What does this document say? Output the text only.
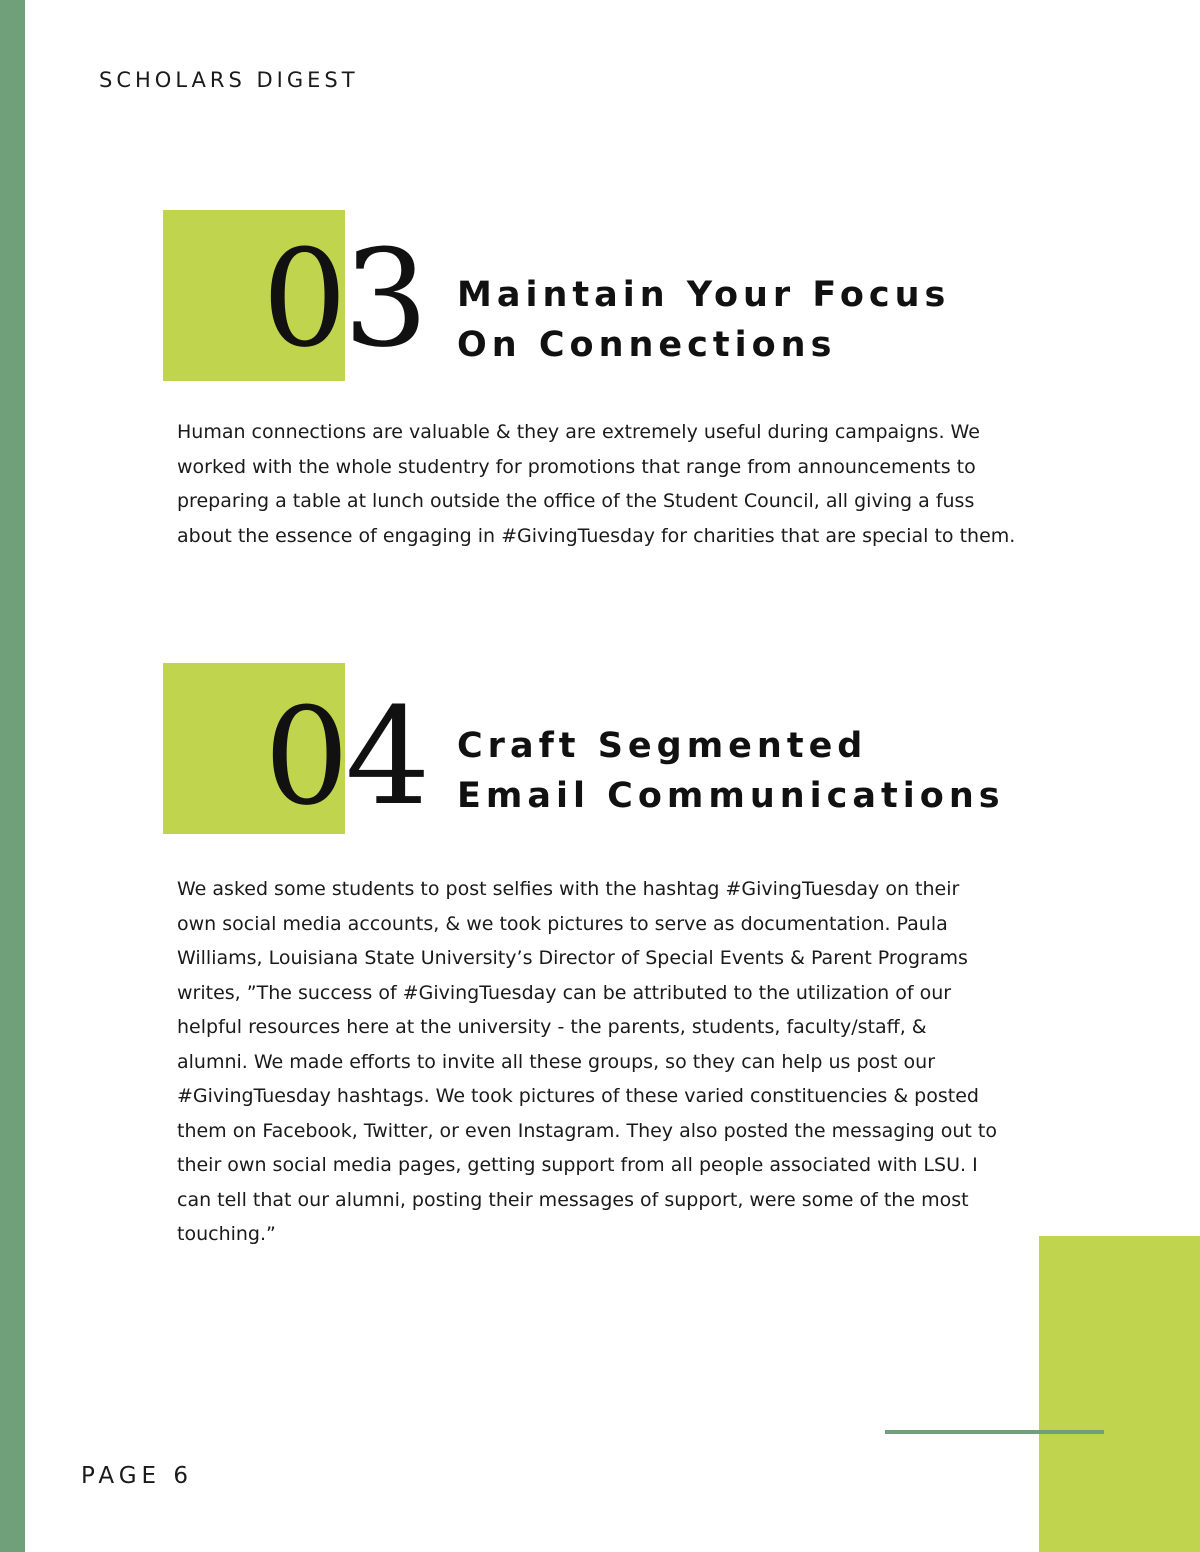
SCHOLARS DIGEST
03 Maintain Your Focus
On Connections
Human connections are valuable & they are extremely useful during campaigns. We
worked with the whole studentry for promotions that range from announcements to
preparing a table at lunch outside the office of the Student Council, all giving a fuss
about the essence of engaging in #GivingTuesday for charities that are special to them.
04 Craft Segmented
Email Communications
We asked some students to post selfies with the hashtag #GivingTuesday on their
own social media accounts, & we took pictures to serve as documentation. Paula
Williams, Louisiana State University’s Director of Special Events & Parent Programs
writes, ”The success of #GivingTuesday can be attributed to the utilization of our
helpful resources here at the university - the parents, students, faculty/staff, &
alumni. We made efforts to invite all these groups, so they can help us post our
#GivingTuesday hashtags. We took pictures of these varied constituencies & posted
them on Facebook, Twitter, or even Instagram. They also posted the messaging out to
their own social media pages, getting support from all people associated with LSU. I
can tell that our alumni, posting their messages of support, were some of the most
touching.”
PAGE 6
